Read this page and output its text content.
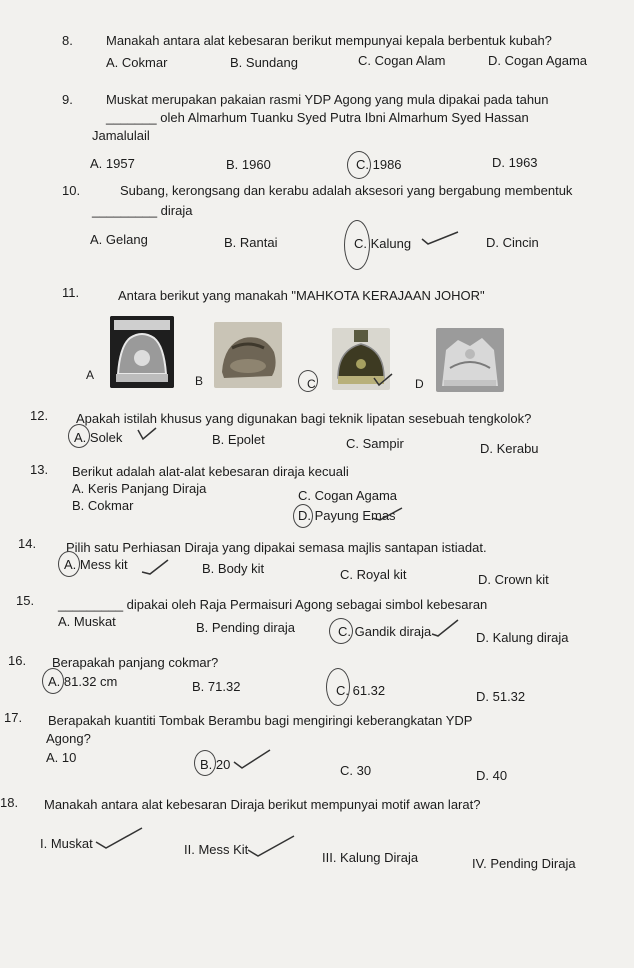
8.	Manakah antara alat kebesaran berikut mempunyai kepala berbentuk kubah?
A. Cokmar	B. Sundang	C. Cogan Alam	D. Cogan Agama
9.	Muskat merupakan pakaian rasmi YDP Agong yang mula dipakai pada tahun
_______ oleh Almarhum Tuanku Syed Putra Ibni Almarhum Syed Hassan
Jamalulail
A. 1957	B. 1960	C. 1986	D. 1963
10.	Subang, kerongsang dan kerabu adalah aksesori yang bergabung membentuk
_________ diraja
A. Gelang	B. Rantai	C. Kalung	D. Cincin
11.	Antara berikut yang manakah "MAHKOTA KERAJAAN JOHOR"
A	B	C	D
12. Apakah istilah khusus yang digunakan bagi teknik lipatan sesebuah tengkolok?
A. Solek	B. Epolet	C. Sampir	D. Kerabu
13. Berikut adalah alat-alat kebesaran diraja kecuali
A. Keris Panjang Diraja
B. Cokmar
C. Cogan Agama
D. Payung Emas
14. Pilih satu Perhiasan Diraja yang dipakai semasa majlis santapan istiadat.
A. Mess kit	B. Body kit	C. Royal kit	D. Crown kit
15. _________ dipakai oleh Raja Permaisuri Agong sebagai simbol kebesaran
A. Muskat	B. Pending diraja	C. Gandik diraja	D. Kalung diraja
16. Berapakah panjang cokmar?
A. 81.32 cm	B. 71.32	C. 61.32	D. 51.32
17. Berapakah kuantiti Tombak Berambu bagi mengiringi keberangkatan YDP
Agong?
A. 10	B. 20	C. 30	D. 40
18. Manakah antara alat kebesaran Diraja berikut mempunyai motif awan larat?
I. Muskat	II. Mess Kit
III. Kalung Diraja	IV. Pending Diraja
